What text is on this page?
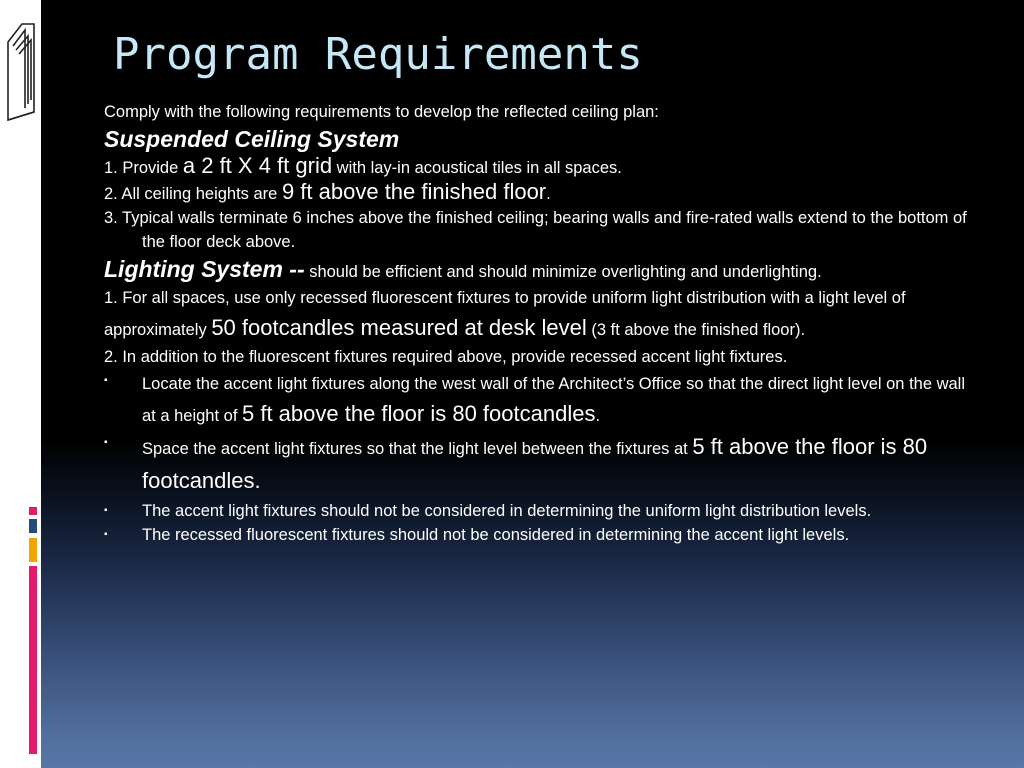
Program Requirements

Comply with the following requirements to develop the reflected ceiling plan:

Suspended Ceiling System

1. Provide a 2 ft X 4 ft grid with lay-in acoustical tiles in all spaces.

2. All ceiling heights are 9 ft above the finished floor.

3. Typical walls terminate 6 inches above the finished ceiling; bearing walls and fire-rated walls extend to the bottom of the floor deck above.

Lighting System -- should be efficient and should minimize overlighting and underlighting.

1. For all spaces, use only recessed fluorescent fixtures to provide uniform light distribution with a light level of approximately 50 footcandles measured at desk level (3 ft above the finished floor).

2. In addition to the fluorescent fixtures required above, provide recessed accent light fixtures.

▪	Locate the accent light fixtures along the west wall of the Architect’s Office so that the direct light level on the wall at a height of 5 ft above the floor is 80 footcandles.

▪	Space the accent light fixtures so that the light level between the fixtures at 5 ft above the floor is 80 footcandles.

▪	The accent light fixtures should not be considered in determining the uniform light distribution levels.

▪	The recessed fluorescent fixtures should not be considered in determining the accent light levels.
